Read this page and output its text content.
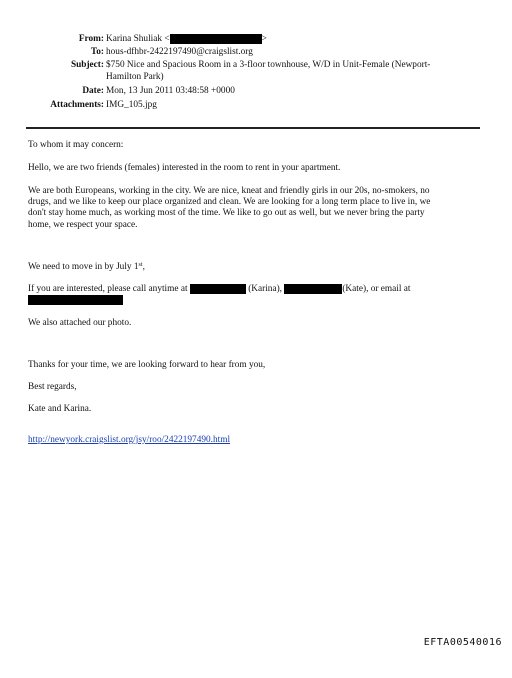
From: Karina Shuliak <	>
To: hous-dfhbr-2422197490@craigslist.org
Subject: $750 Nice and Spacious Room in a 3-floor townhouse, W/D in Unit-Female (Newport-
Hamilton Park)
Date: Mon, 13 Jun 2011 03:48:58 +0000
Attachments: IMG_105.jpg
To whom it may concern:
Hello, we are two friends (females) interested in the room to rent in your apartment.
We are both Europeans, working in the city. We are nice, kneat and friendly girls in our 20s, no-smokers, no
drugs, and we like to keep our place organized and clean. We are looking for a long term place to live in, we
don't stay home much, as working most of the time. We like to go out as well, but we never bring the party
home, we respect your space.
We need to move in by July 1st,
If you are interested, please call anytime at	(Karina),	(Kate), or email at
We also attached our photo.
Thanks for your time, we are looking forward to hear from you,
Best regards,
Kate and Karina.
http://newyork.craigslist.org/jsy/roo/2422197490.html
EFTA00540016
